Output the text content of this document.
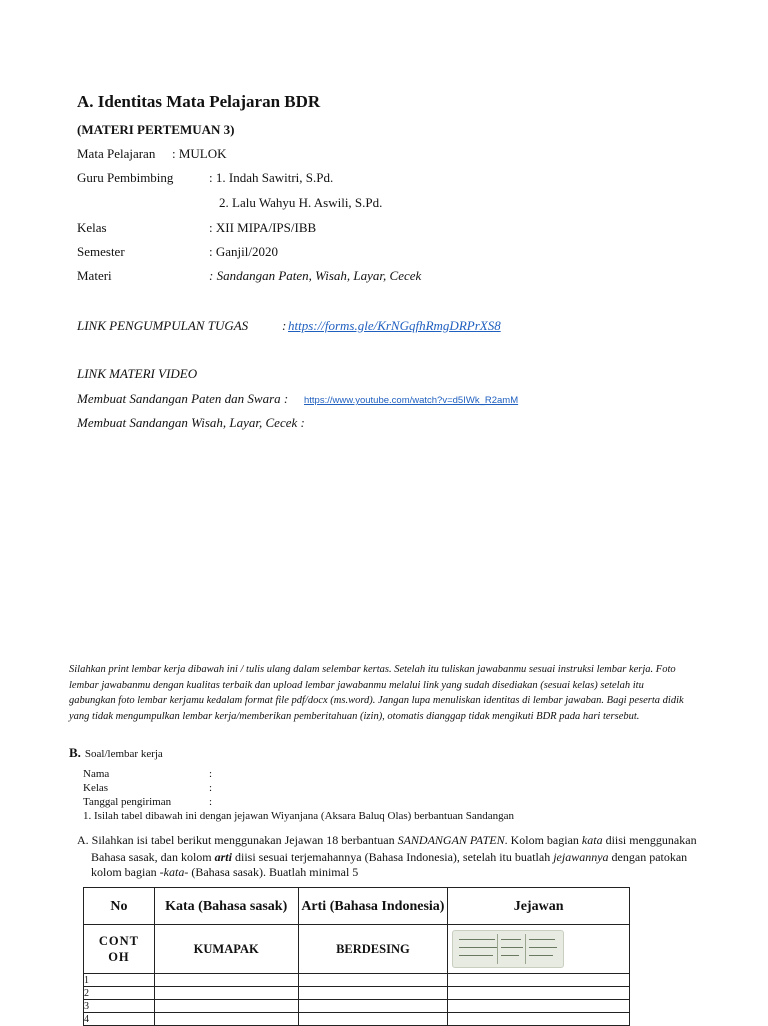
A. Identitas Mata Pelajaran BDR
(MATERI PERTEMUAN 3)
Mata Pelajaran : MULOK
Guru Pembimbing	: 1. Indah Sawitri, S.Pd.
2. Lalu Wahyu H. Aswili, S.Pd.
Kelas	: XII MIPA/IPS/IBB
Semester	: Ganjil/2020
Materi	: Sandangan Paten, Wisah, Layar, Cecek
LINK PENGUMPULAN TUGAS	: https://forms.gle/KrNGqfhRmgDRPrXS8
LINK MATERI VIDEO
Membuat Sandangan Paten dan Swara : https://www.youtube.com/watch?v=d5IWk_R2amM
Membuat Sandangan Wisah, Layar, Cecek :
Silahkan print lembar kerja dibawah ini / tulis ulang dalam selembar kertas. Setelah itu tuliskan jawabanmu sesuai instruksi lembar kerja. Foto lembar jawabanmu dengan kualitas terbaik dan upload lembar jawabanmu melalui link yang sudah disediakan (sesuai kelas) setelah itu gabungkan foto lembar kerjamu kedalam format file pdf/docx (ms.word). Jangan lupa menuliskan identitas di lembar jawaban. Bagi peserta didik yang tidak mengumpulkan lembar kerja/memberikan pemberitahuan (izin), otomatis dianggap tidak mengikuti BDR pada hari tersebut.
B. Soal/lembar kerja
Nama	:
Kelas	:
Tanggal pengiriman	:
1. Isilah tabel dibawah ini dengan jejawan Wiyanjana (Aksara Baluq Olas) berbantuan Sandangan
A. Silahkan isi tabel berikut menggunakan Jejawan 18 berbantuan SANDANGAN PATEN. Kolom bagian kata diisi menggunakan
Bahasa sasak, dan kolom arti diisi sesuai terjemahannya (Bahasa Indonesia), setelah itu buatlah jejawannya dengan patokan
kolom bagian -kata- (Bahasa sasak). Buatlah minimal 5
No	Kata (Bahasa sasak)	Arti (Bahasa Indonesia)	Jejawan
CONTOH	KUMAPAK	BERDESING	

1			
2			
3			
4			
